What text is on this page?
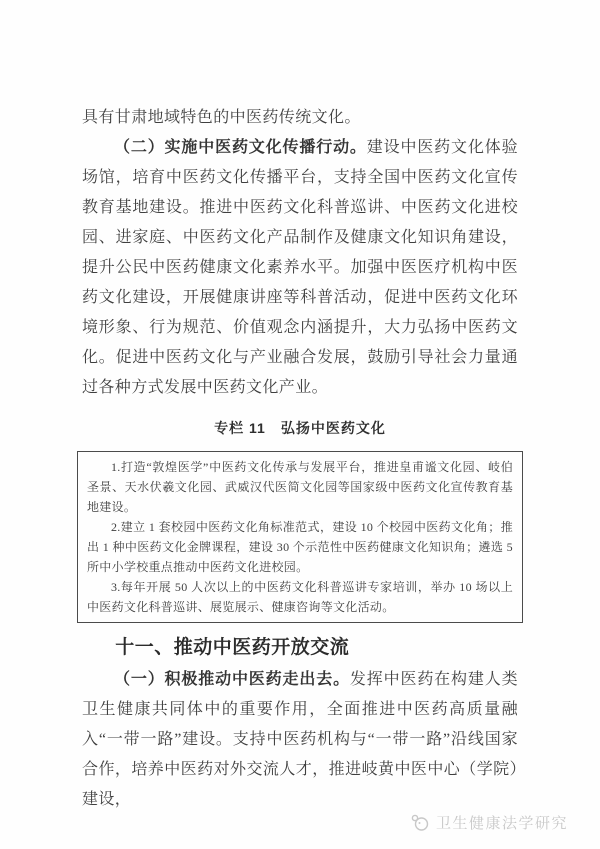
具有甘肃地域特色的中医药传统文化。

（二）实施中医药文化传播行动。建设中医药文化体验场馆，培育中医药文化传播平台，支持全国中医药文化宣传教育基地建设。推进中医药文化科普巡讲、中医药文化进校园、进家庭、中医药文化产品制作及健康文化知识角建设，提升公民中医药健康文化素养水平。加强中医医疗机构中医药文化建设，开展健康讲座等科普活动，促进中医药文化环境形象、行为规范、价值观念内涵提升，大力弘扬中医药文化。促进中医药文化与产业融合发展，鼓励引导社会力量通过各种方式发展中医药文化产业。

专栏 11　弘扬中医药文化

1.打造“敦煌医学”中医药文化传承与发展平台，推进皇甫谧文化园、岐伯圣景、天水伏羲文化园、武威汉代医简文化园等国家级中医药文化宣传教育基地建设。

2.建立 1 套校园中医药文化角标准范式，建设 10 个校园中医药文化角；推出 1 种中医药文化金牌课程，建设 30 个示范性中医药健康文化知识角；遴选 5 所中小学校重点推动中医药文化进校园。

3.每年开展 50 人次以上的中医药文化科普巡讲专家培训，举办 10 场以上中医药文化科普巡讲、展览展示、健康咨询等文化活动。

十一、推动中医药开放交流

（一）积极推动中医药走出去。发挥中医药在构建人类卫生健康共同体中的重要作用，全面推进中医药高质量融入“一带一路”建设。支持中医药机构与“一带一路”沿线国家合作，培养中医药对外交流人才，推进岐黄中医中心（学院）建设，

卫生健康法学研究
